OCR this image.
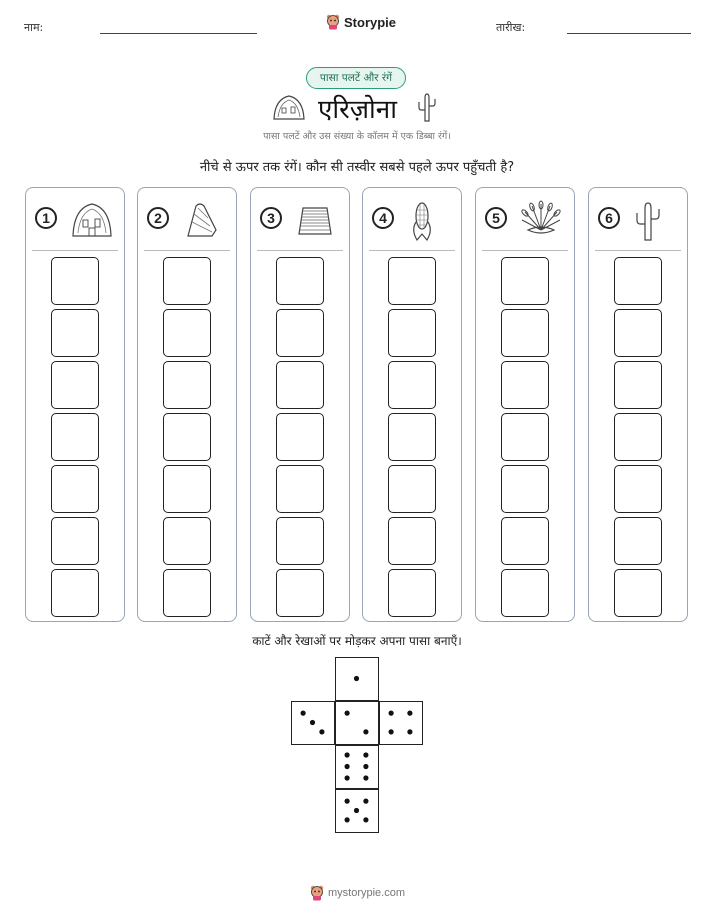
नाम:	Storypie	तारीख:
पासा पलटें और रंगें
एरिज़ोना
पासा पलटें और उस संख्या के कॉलम में एक डिब्बा रंगें।
नीचे से ऊपर तक रंगें। कौन सी तस्वीर सबसे पहले ऊपर पहुँचती है?
1	2	3	4	5	6
काटें और रेखाओं पर मोड़कर अपना पासा बनाएँ।
mystorypie.com
